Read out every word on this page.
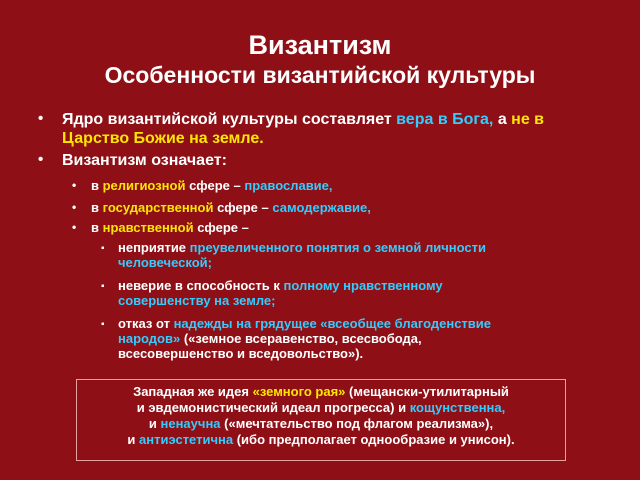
Византизм
Особенности византийской культуры
• Ядро византийской культуры составляет вера в Бога, а не в
Царство Божие на земле.
• Византизм означает:
• в религиозной сфере – православие,
• в государственной сфере – самодержавие,
• в нравственной сфере –
▪ неприятие преувеличенного понятия о земной личности
человеческой;
▪ неверие в способность к полному нравственному
совершенству на земле;
▪ отказ от надежды на грядущее «всеобщее благоденствие
народов» («земное всеравенство, всесвобода,
всесовершенство и вседовольство»).
Западная же идея «земного рая» (мещански-утилитарный
и эвдемонистический идеал прогресса) и кощунственна,
и ненаучна («мечтательство под флагом реализма»),
и антиэстетична (ибо предполагает однообразие и унисон).
